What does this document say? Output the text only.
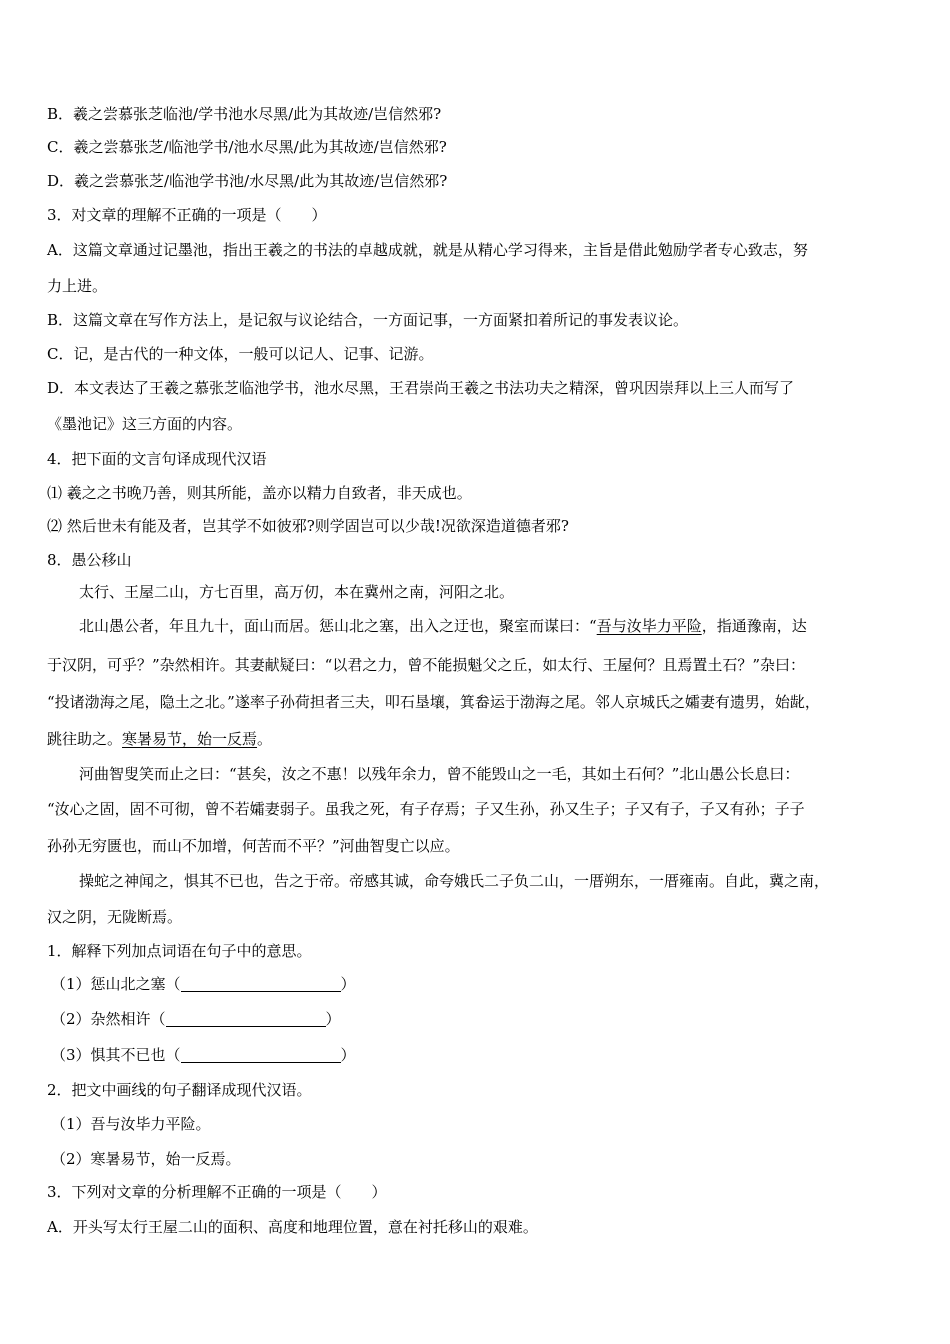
B．羲之尝慕张芝临池/学书池水尽黑/此为其故迹/岂信然邪?
C．羲之尝慕张芝/临池学书/池水尽黑/此为其故迹/岂信然邪?
D．羲之尝慕张芝/临池学书池/水尽黑/此为其故迹/岂信然邪?
3．对文章的理解不正确的一项是（　　）
A．这篇文章通过记墨池，指出王羲之的书法的卓越成就，就是从精心学习得来，主旨是借此勉励学者专心致志，努
力上进。
B．这篇文章在写作方法上，是记叙与议论结合，一方面记事，一方面紧扣着所记的事发表议论。
C．记，是古代的一种文体，一般可以记人、记事、记游。
D．本文表达了王羲之慕张芝临池学书，池水尽黑，王君崇尚王羲之书法功夫之精深，曾巩因崇拜以上三人而写了
《墨池记》这三方面的内容。
4．把下面的文言句译成现代汉语
⑴ 羲之之书晚乃善，则其所能，盖亦以精力自致者，非天成也。
⑵ 然后世未有能及者，岂其学不如彼邪?则学固岂可以少哉!况欲深造道德者邪?
8．愚公移山
太行、王屋二山，方七百里，高万仞，本在冀州之南，河阳之北。
北山愚公者，年且九十，面山而居。惩山北之塞，出入之迂也，聚室而谋曰：“吾与汝毕力平险，指通豫南，达
于汉阴，可乎？”杂然相许。其妻献疑曰：“以君之力，曾不能损魁父之丘，如太行、王屋何？且焉置土石？”杂曰：
“投诸渤海之尾，隐土之北。”遂率子孙荷担者三夫，叩石垦壤，箕畚运于渤海之尾。邻人京城氏之孀妻有遗男，始龀，
跳往助之。寒暑易节，始一反焉。
河曲智叟笑而止之曰：“甚矣，汝之不惠！以残年余力，曾不能毁山之一毛，其如土石何？”北山愚公长息曰：
“汝心之固，固不可彻，曾不若孀妻弱子。虽我之死，有子存焉；子又生孙，孙又生子；子又有子，子又有孙；子子
孙孙无穷匮也，而山不加增，何苦而不平？”河曲智叟亡以应。
操蛇之神闻之，惧其不已也，告之于帝。帝感其诚，命夸娥氏二子负二山，一厝朔东，一厝雍南。自此，冀之南，
汉之阴，无陇断焉。
1．解释下列加点词语在句子中的意思。
（1）惩山北之塞（	）
（2）杂然相许（	）
（3）惧其不已也（	）
2．把文中画线的句子翻译成现代汉语。
（1）吾与汝毕力平险。
（2）寒暑易节，始一反焉。
3．下列对文章的分析理解不正确的一项是（　　）
A．开头写太行王屋二山的面积、高度和地理位置，意在衬托移山的艰难。
